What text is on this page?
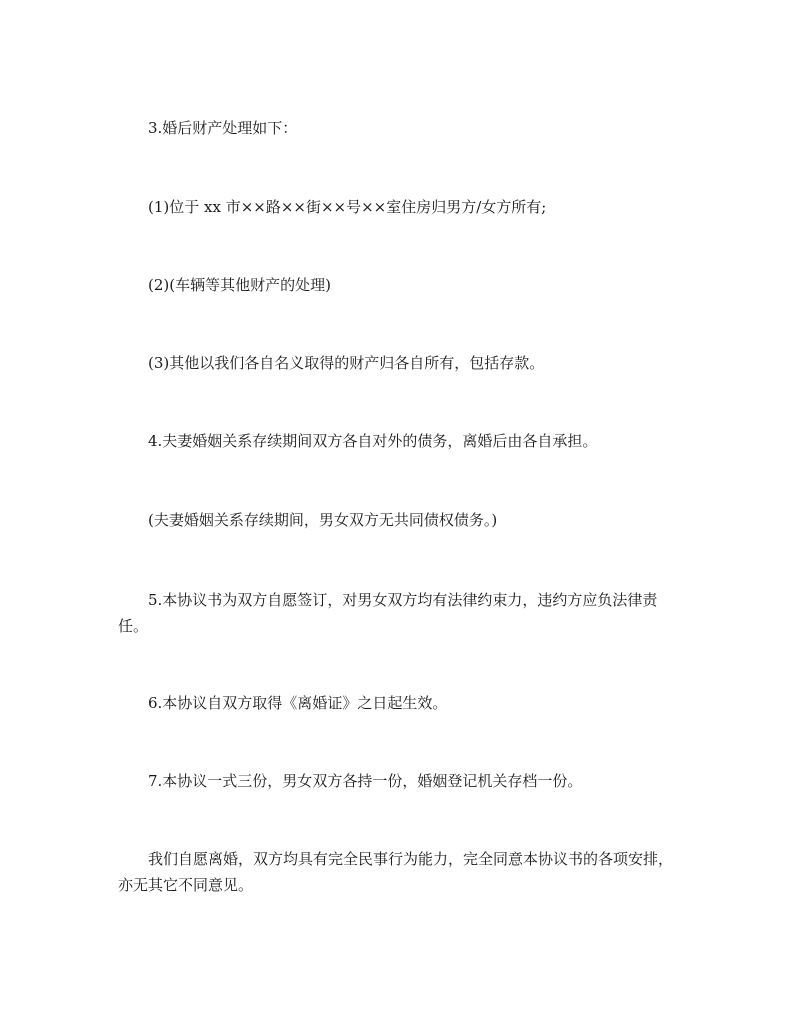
3.婚后财产处理如下：

(1)位于 xx 市××路××街××号××室住房归男方/女方所有;

(2)(车辆等其他财产的处理)

(3)其他以我们各自名义取得的财产归各自所有，包括存款。

4.夫妻婚姻关系存续期间双方各自对外的债务，离婚后由各自承担。

(夫妻婚姻关系存续期间，男女双方无共同债权债务。)

5.本协议书为双方自愿签订，对男女双方均有法律约束力，违约方应负法律责任。

6.本协议自双方取得《离婚证》之日起生效。

7.本协议一式三份，男女双方各持一份，婚姻登记机关存档一份。

我们自愿离婚，双方均具有完全民事行为能力，完全同意本协议书的各项安排，亦无其它不同意见。
